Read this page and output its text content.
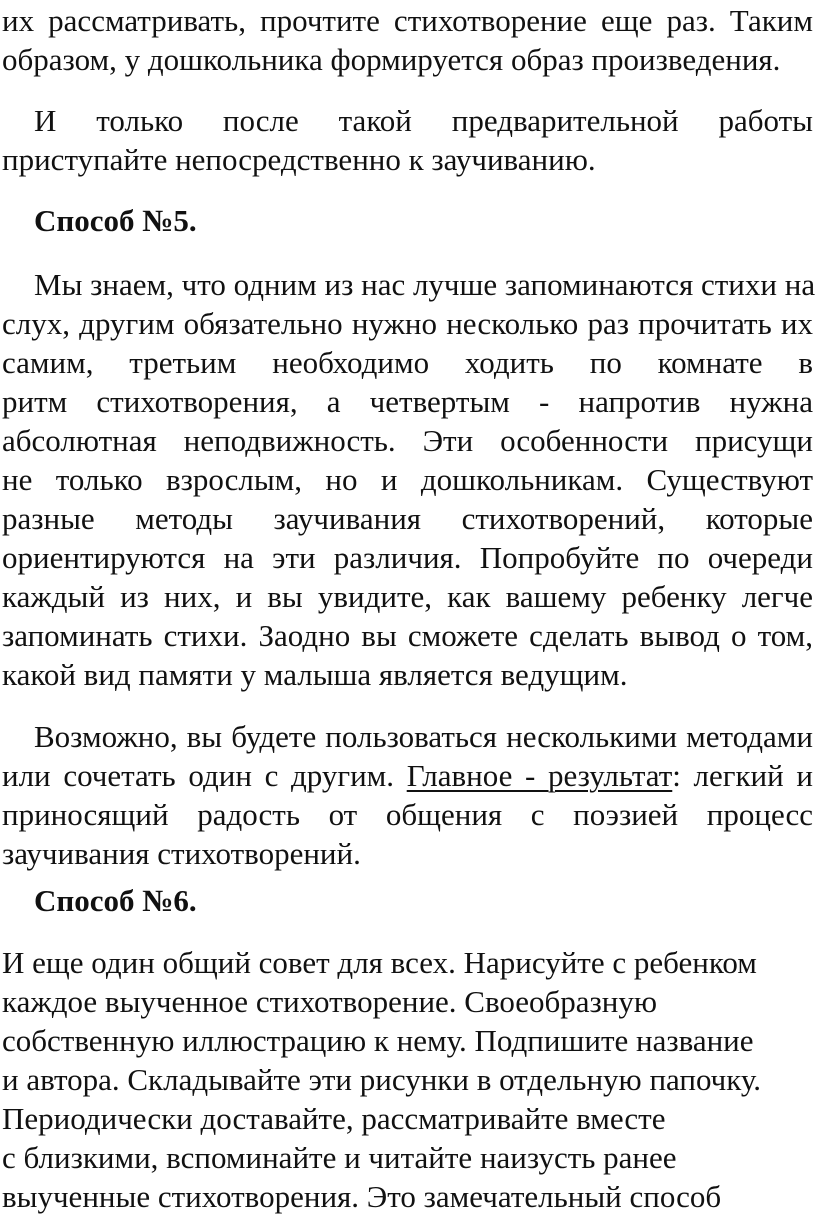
их рассматривать, прочтите стихотворение еще раз. Таким
образом, у дошкольника формируется образ произведения.
И только после такой предварительной работы
приступайте непосредственно к заучиванию.
Способ №5.
Мы знаем, что одним из нас лучше запоминаются стихи на
слух, другим обязательно нужно несколько раз прочитать их
самим, третьим необходимо ходить по комнате в
ритм стихотворения, а четвертым - напротив нужна
абсолютная неподвижность. Эти особенности присущи
не только взрослым, но и дошкольникам. Существуют
разные методы заучивания стихотворений, которые
ориентируются на эти различия. Попробуйте по очереди
каждый из них, и вы увидите, как вашему ребенку легче
запоминать стихи. Заодно вы сможете сделать вывод о том,
какой вид памяти у малыша является ведущим.
Возможно, вы будете пользоваться несколькими методами
или сочетать один с другим. Главное - результат: легкий и
приносящий радость от общения с поэзией процесс
заучивания стихотворений.
Способ №6.
И еще один общий совет для всех. Нарисуйте с ребенком
каждое выученное стихотворение. Своеобразную
собственную иллюстрацию к нему. Подпишите название
и автора. Складывайте эти рисунки в отдельную папочку.
Периодически доставайте, рассматривайте вместе
с близкими, вспоминайте и читайте наизусть ранее
выученные стихотворения. Это замечательный способ
